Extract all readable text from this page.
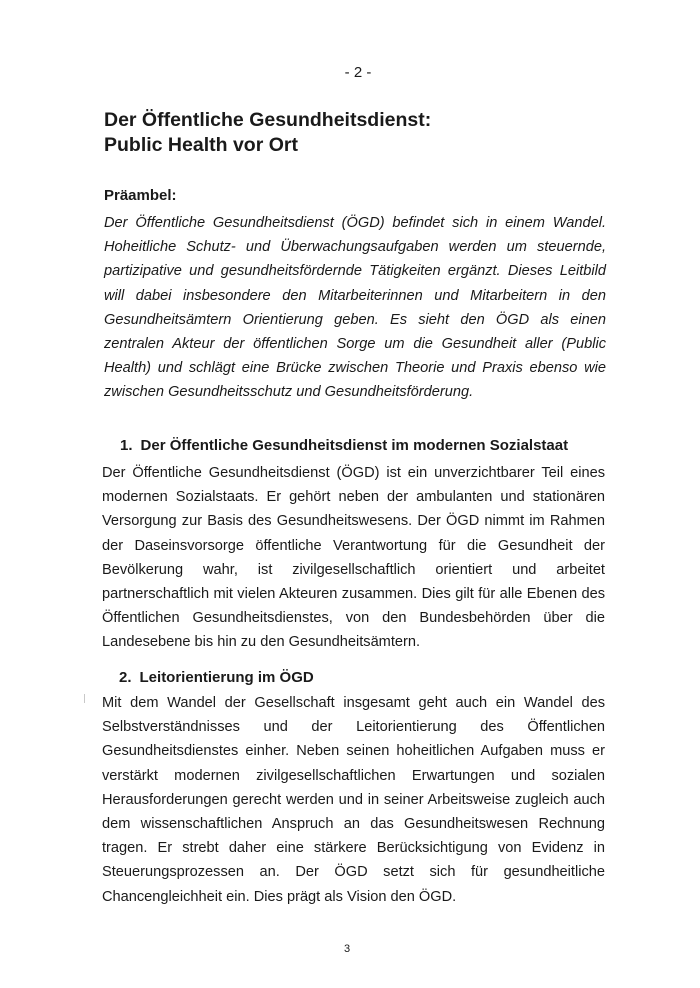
- 2 -
Der Öffentliche Gesundheitsdienst:
Public Health vor Ort
Präambel:

Der Öffentliche Gesundheitsdienst (ÖGD) befindet sich in einem Wandel. Hoheitliche Schutz- und Überwachungsaufgaben werden um steuernde, partizipative und gesundheitsfördernde Tätigkeiten ergänzt. Dieses Leitbild will dabei insbesondere den Mitarbeiterinnen und Mitarbeitern in den Gesundheitsämtern Orientierung geben. Es sieht den ÖGD als einen zentralen Akteur der öffentlichen Sorge um die Gesundheit aller (Public Health) und schlägt eine Brücke zwischen Theorie und Praxis ebenso wie zwischen Gesundheitsschutz und Gesundheitsförderung.

1. Der Öffentliche Gesundheitsdienst im modernen Sozialstaat

Der Öffentliche Gesundheitsdienst (ÖGD) ist ein unverzichtbarer Teil eines modernen Sozialstaats. Er gehört neben der ambulanten und stationären Versorgung zur Basis des Gesundheitswesens. Der ÖGD nimmt im Rahmen der Daseinsvorsorge öffentliche Verantwortung für die Gesundheit der Bevölkerung wahr, ist zivilgesellschaftlich orientiert und arbeitet partnerschaftlich mit vielen Akteuren zusammen. Dies gilt für alle Ebenen des Öffentlichen Gesundheitsdienstes, von den Bundesbehörden über die Landesebene bis hin zu den Gesundheitsämtern.

2. Leitorientierung im ÖGD

Mit dem Wandel der Gesellschaft insgesamt geht auch ein Wandel des Selbstverständnisses und der Leitorientierung des Öffentlichen Gesundheitsdienstes einher. Neben seinen hoheitlichen Aufgaben muss er verstärkt modernen zivilgesellschaftlichen Erwartungen und sozialen Herausforderungen gerecht werden und in seiner Arbeitsweise zugleich auch dem wissenschaftlichen Anspruch an das Gesundheitswesen Rechnung tragen. Er strebt daher eine stärkere Berücksichtigung von Evidenz in Steuerungsprozessen an. Der ÖGD setzt sich für gesundheitliche Chancengleichheit ein. Dies prägt als Vision den ÖGD.

3
